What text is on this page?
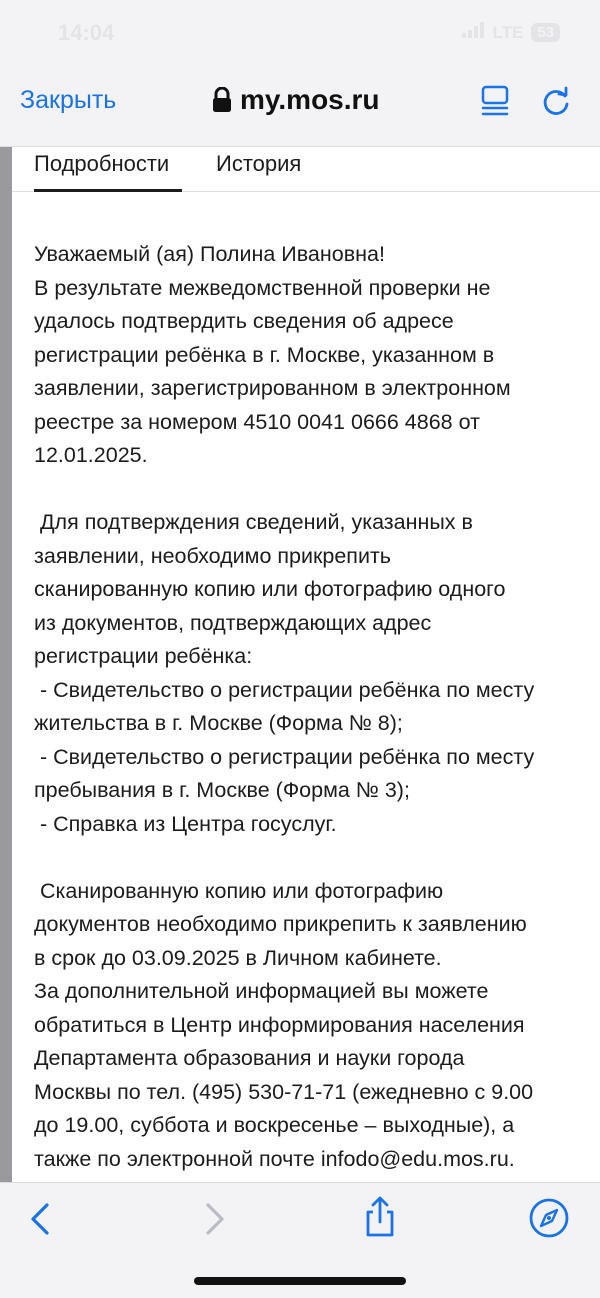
14:04	LTE 53
Закрыть	my.mos.ru
Подробности История
Уважаемый (ая) Полина Ивановна!
В результате межведомственной проверки не
удалось подтвердить сведения об адресе
регистрации ребёнка в г. Москве, указанном в
заявлении, зарегистрированном в электронном
реестре за номером 4510 0041 0666 4868 от
12.01.2025.
Для подтверждения сведений, указанных в
заявлении, необходимо прикрепить
сканированную копию или фотографию одного
из документов, подтверждающих адрес
регистрации ребёнка:
- Свидетельство о регистрации ребёнка по месту
жительства в г. Москве (Форма № 8);
- Свидетельство о регистрации ребёнка по месту
пребывания в г. Москве (Форма № 3);
- Справка из Центра госуслуг.
Сканированную копию или фотографию
документов необходимо прикрепить к заявлению
в срок до 03.09.2025 в Личном кабинете.
За дополнительной информацией вы можете
обратиться в Центр информирования населения
Департамента образования и науки города
Москвы по тел. (495) 530-71-71 (ежедневно с 9.00
до 19.00, суббота и воскресенье – выходные), а
также по электронной почте infodo@edu.mos.ru.
